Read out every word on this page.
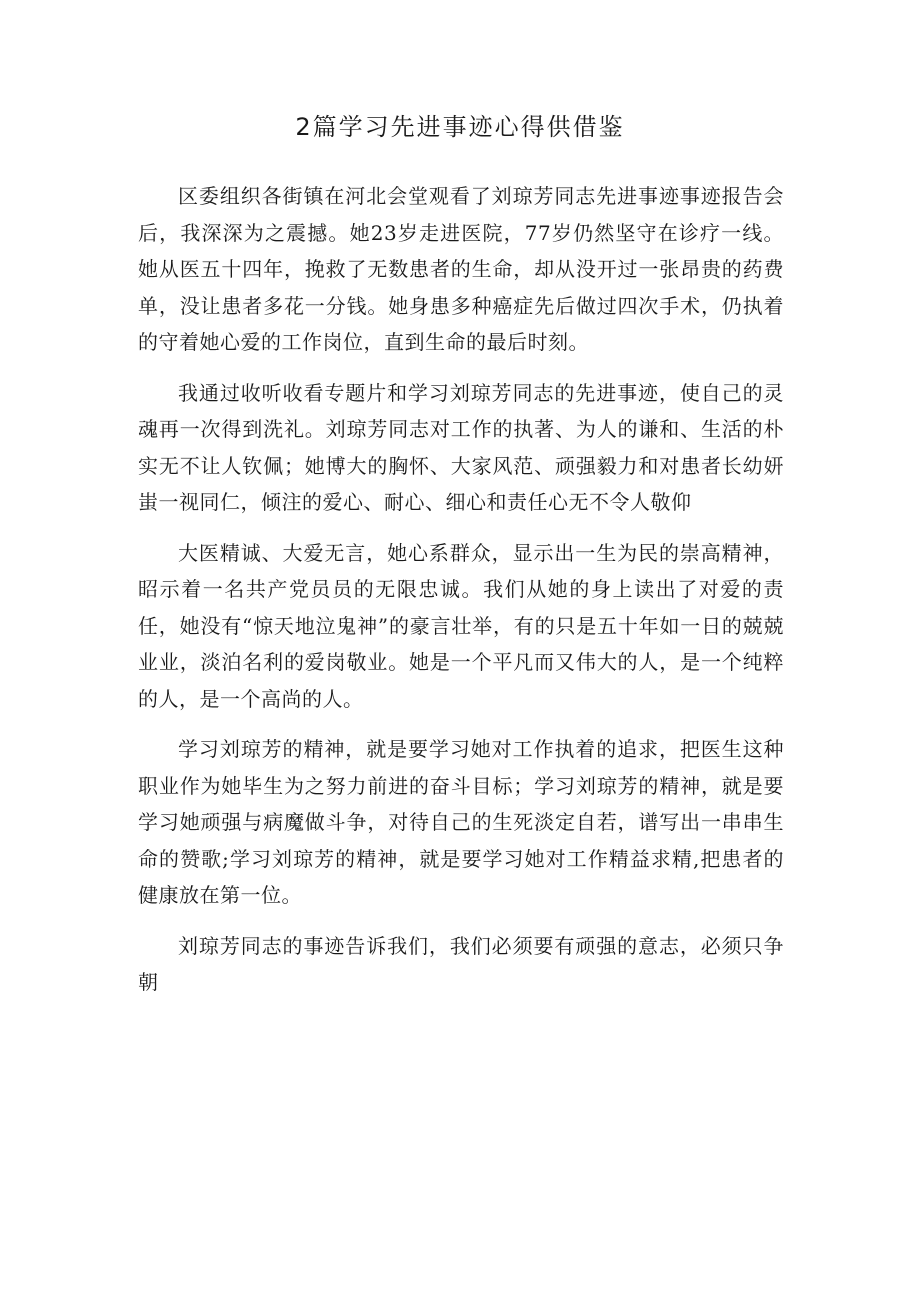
2篇学习先进事迹心得供借鉴

区委组织各街镇在河北会堂观看了刘琼芳同志先进事迹事迹报告会后，我深深为之震撼。她23岁走进医院，77岁仍然坚守在诊疗一线。她从医五十四年，挽救了无数患者的生命，却从没开过一张昂贵的药费单，没让患者多花一分钱。她身患多种癌症先后做过四次手术，仍执着的守着她心爱的工作岗位，直到生命的最后时刻。

我通过收听收看专题片和学习刘琼芳同志的先进事迹，使自己的灵魂再一次得到洗礼。刘琼芳同志对工作的执著、为人的谦和、生活的朴实无不让人钦佩；她博大的胸怀、大家风范、顽强毅力和对患者长幼妍蚩一视同仁，倾注的爱心、耐心、细心和责任心无不令人敬仰

大医精诚、大爱无言，她心系群众，显示出一生为民的崇高精神，昭示着一名共产党员员的无限忠诚。我们从她的身上读出了对爱的责任，她没有“惊天地泣鬼神”的豪言壮举，有的只是五十年如一日的兢兢业业，淡泊名利的爱岗敬业。她是一个平凡而又伟大的人，是一个纯粹的人，是一个高尚的人。

学习刘琼芳的精神，就是要学习她对工作执着的追求，把医生这种职业作为她毕生为之努力前进的奋斗目标；学习刘琼芳的精神，就是要学习她顽强与病魔做斗争，对待自己的生死淡定自若，谱写出一串串生命的赞歌;学习刘琼芳的精神，就是要学习她对工作精益求精,把患者的健康放在第一位。

刘琼芳同志的事迹告诉我们，我们必须要有顽强的意志，必须只争朝
